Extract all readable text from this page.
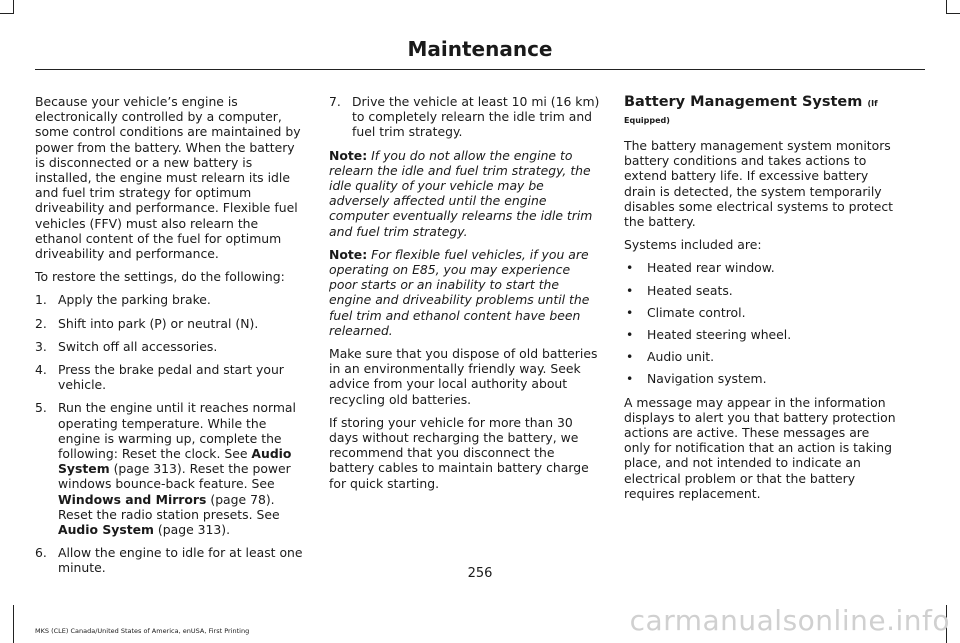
Maintenance

Because your vehicle’s engine is electronically controlled by a computer, some control conditions are maintained by power from the battery. When the battery is disconnected or a new battery is installed, the engine must relearn its idle and fuel trim strategy for optimum driveability and performance. Flexible fuel vehicles (FFV) must also relearn the ethanol content of the fuel for optimum driveability and performance.

To restore the settings, do the following:

1. Apply the parking brake.
2. Shift into park (P) or neutral (N).
3. Switch off all accessories.
4. Press the brake pedal and start your vehicle.
5. Run the engine until it reaches normal operating temperature. While the engine is warming up, complete the following: Reset the clock. See Audio System (page 313). Reset the power windows bounce-back feature. See Windows and Mirrors (page 78). Reset the radio station presets. See Audio System (page 313).
6. Allow the engine to idle for at least one minute.
7. Drive the vehicle at least 10 mi (16 km) to completely relearn the idle trim and fuel trim strategy.

Note: If you do not allow the engine to relearn the idle and fuel trim strategy, the idle quality of your vehicle may be adversely affected until the engine computer eventually relearns the idle trim and fuel trim strategy.

Note: For flexible fuel vehicles, if you are operating on E85, you may experience poor starts or an inability to start the engine and driveability problems until the fuel trim and ethanol content have been relearned.

Make sure that you dispose of old batteries in an environmentally friendly way. Seek advice from your local authority about recycling old batteries.

If storing your vehicle for more than 30 days without recharging the battery, we recommend that you disconnect the battery cables to maintain battery charge for quick starting.

Battery Management System (If Equipped)

The battery management system monitors battery conditions and takes actions to extend battery life. If excessive battery drain is detected, the system temporarily disables some electrical systems to protect the battery.

Systems included are:

• Heated rear window.
• Heated seats.
• Climate control.
• Heated steering wheel.
• Audio unit.
• Navigation system.

A message may appear in the information displays to alert you that battery protection actions are active. These messages are only for notification that an action is taking place, and not intended to indicate an electrical problem or that the battery requires replacement.

256
MKS (CLE) Canada/United States of America, enUSA, First Printing	carmanualsonline.info
